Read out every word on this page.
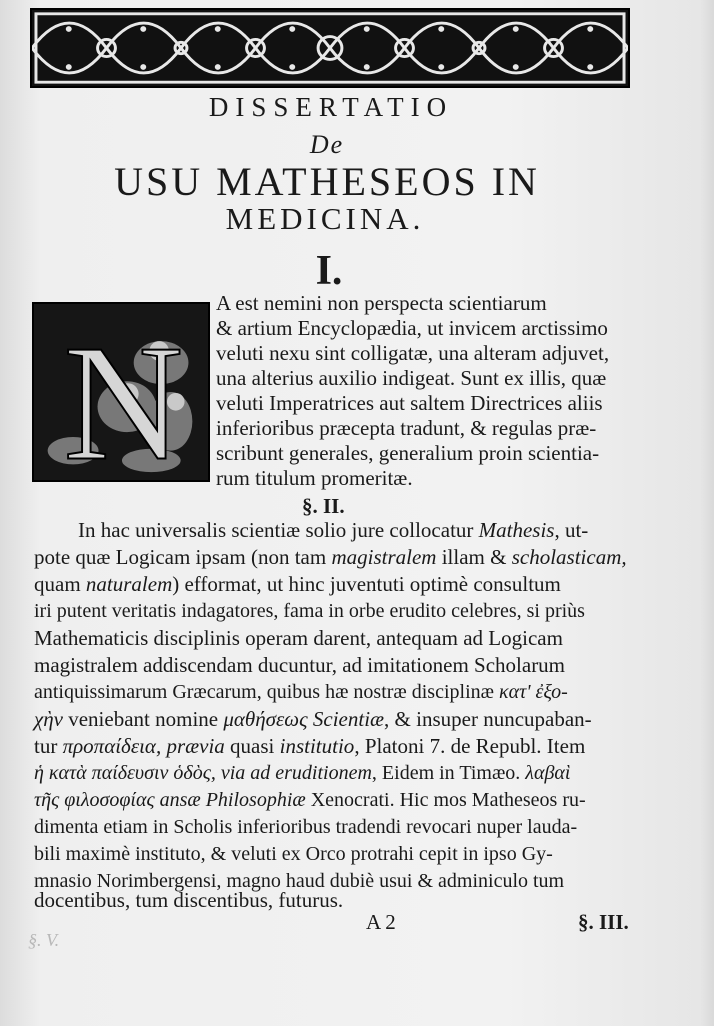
DISSERTATIO
De
USU MATHESEOS IN
MEDICINA.
I.
N
A est nemini non perspecta scientiarum
& artium Encyclopædia, ut invicem arctissimo
veluti nexu sint colligatæ, una alteram adjuvet,
una alterius auxilio indigeat. Sunt ex illis, quæ
veluti Imperatrices aut saltem Directrices aliis
inferioribus præcepta tradunt, & regulas præ-
scribunt generales, generalium proin scientia-
rum titulum promeritæ.
§. II.
In hac universalis scientiæ solio jure collocatur Mathesis, ut-
pote quæ Logicam ipsam (non tam magistralem illam & scholasticam,
quam naturalem) efformat, ut hinc juventuti optimè consultum
iri putent veritatis indagatores, fama in orbe erudito celebres, si priùs
Mathematicis disciplinis operam darent, antequam ad Logicam
magistralem addiscendam ducuntur, ad imitationem Scholarum
antiquissimarum Græcarum, quibus hæ nostræ disciplinæ κατ' ἐξο-
χὴν veniebant nomine μαθήσεως Scientiæ, & insuper nuncupaban-
tur προπαίδεια, prævia quasi institutio, Platoni 7. de Republ. Item
ἡ κατὰ παίδευσιν ὁδὸς, via ad eruditionem, Eidem in Timæo. λαβαὶ
τῆς φιλοσοφίας ansæ Philosophiæ Xenocrati. Hic mos Matheseos ru-
dimenta etiam in Scholis inferioribus tradendi revocari nuper lauda-
bili maximè instituto, & veluti ex Orco protrahi cepit in ipso Gy-
mnasio Norimbergensi, magno haud dubiè usui & adminiculo tum
docentibus, tum discentibus, futurus.
A 2	§. III.
§. V.
